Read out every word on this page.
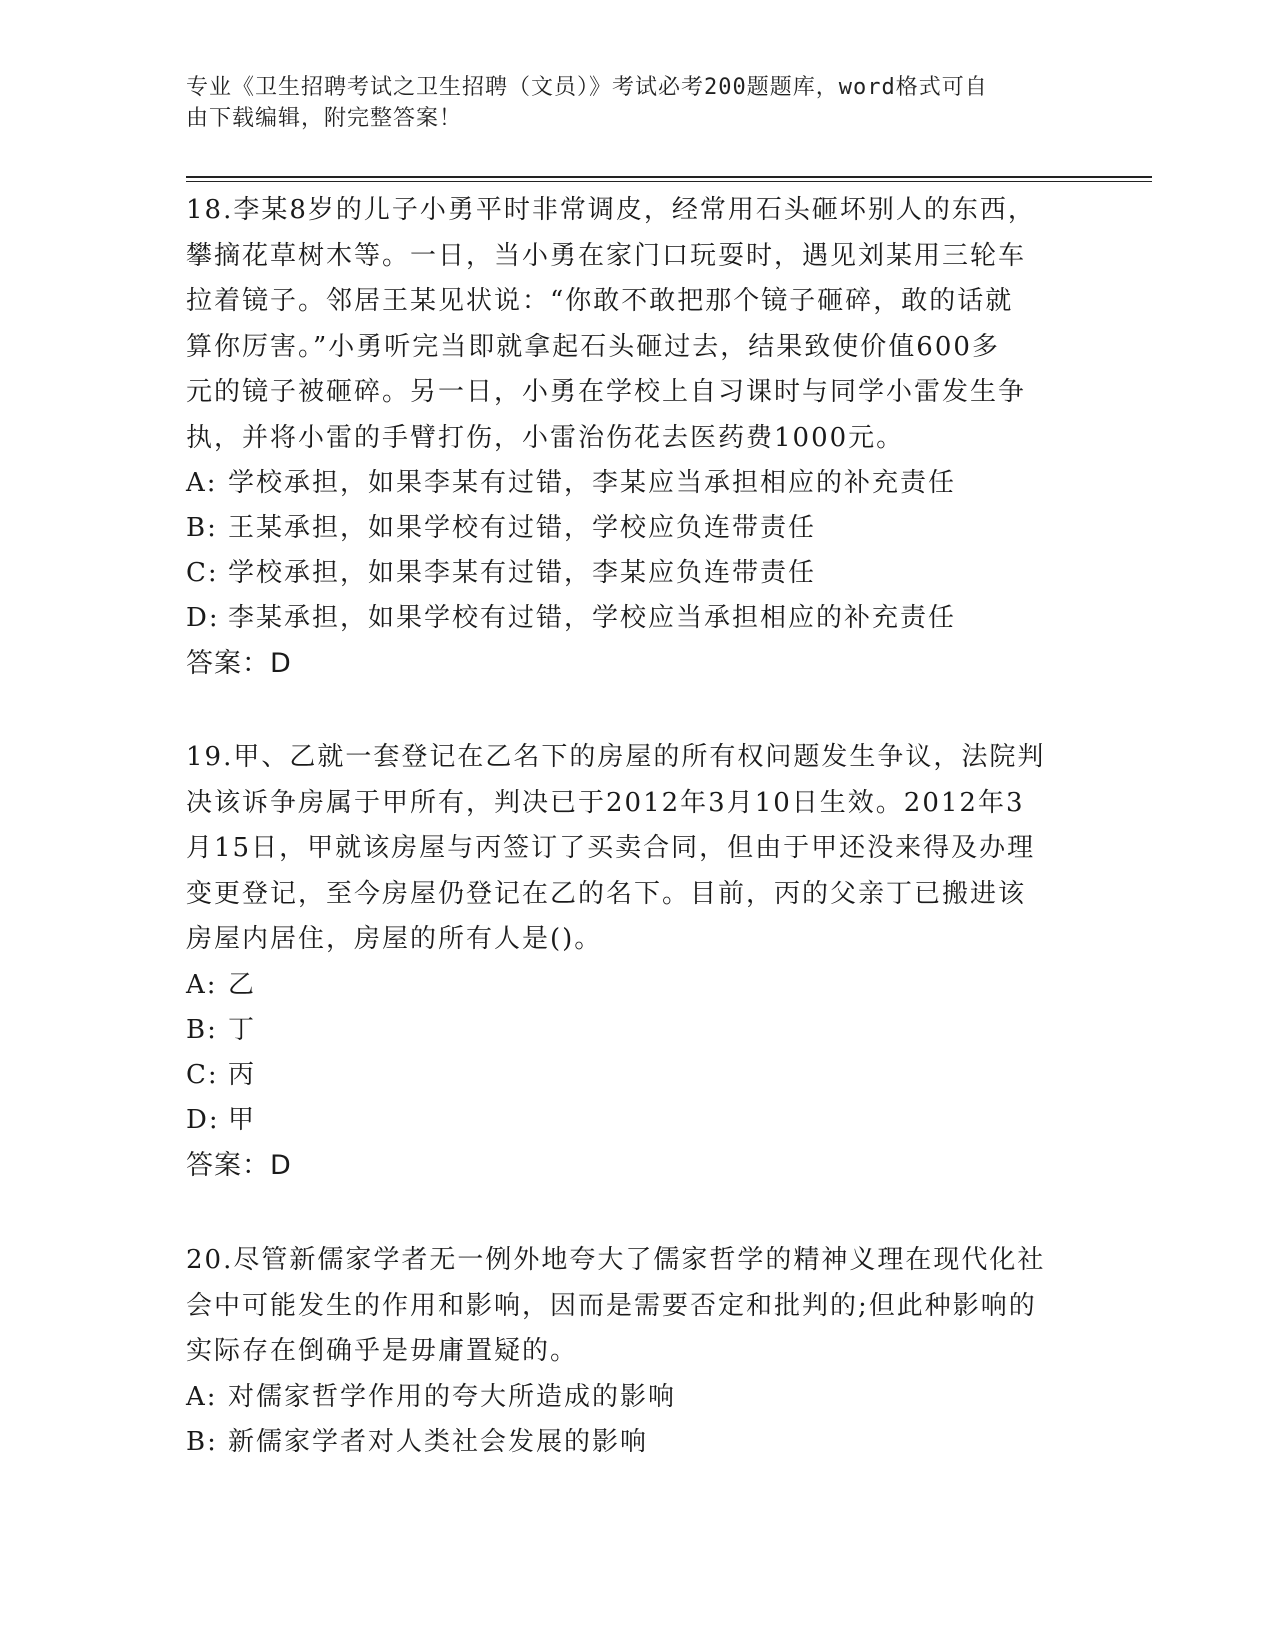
专业《卫生招聘考试之卫生招聘（文员）》考试必考200题题库，word格式可自
由下载编辑，附完整答案！

18.李某8岁的儿子小勇平时非常调皮，经常用石头砸坏别人的东西，
攀摘花草树木等。一日，当小勇在家门口玩耍时，遇见刘某用三轮车
拉着镜子。邻居王某见状说：“你敢不敢把那个镜子砸碎，敢的话就
算你厉害。”小勇听完当即就拿起石头砸过去，结果致使价值600多
元的镜子被砸碎。另一日，小勇在学校上自习课时与同学小雷发生争
执，并将小雷的手臂打伤，小雷治伤花去医药费1000元。

A: 学校承担，如果李某有过错，李某应当承担相应的补充责任

B: 王某承担，如果学校有过错，学校应负连带责任

C: 学校承担，如果李某有过错，李某应负连带责任

D: 李某承担，如果学校有过错，学校应当承担相应的补充责任

答案：D

19.甲、乙就一套登记在乙名下的房屋的所有权问题发生争议，法院判
决该诉争房属于甲所有，判决已于2012年3月10日生效。2012年3
月15日，甲就该房屋与丙签订了买卖合同，但由于甲还没来得及办理
变更登记，至今房屋仍登记在乙的名下。目前，丙的父亲丁已搬进该
房屋内居住，房屋的所有人是()。

A: 乙

B: 丁

C: 丙

D: 甲

答案：D

20.尽管新儒家学者无一例外地夸大了儒家哲学的精神义理在现代化社
会中可能发生的作用和影响，因而是需要否定和批判的;但此种影响的
实际存在倒确乎是毋庸置疑的。

A: 对儒家哲学作用的夸大所造成的影响

B: 新儒家学者对人类社会发展的影响
